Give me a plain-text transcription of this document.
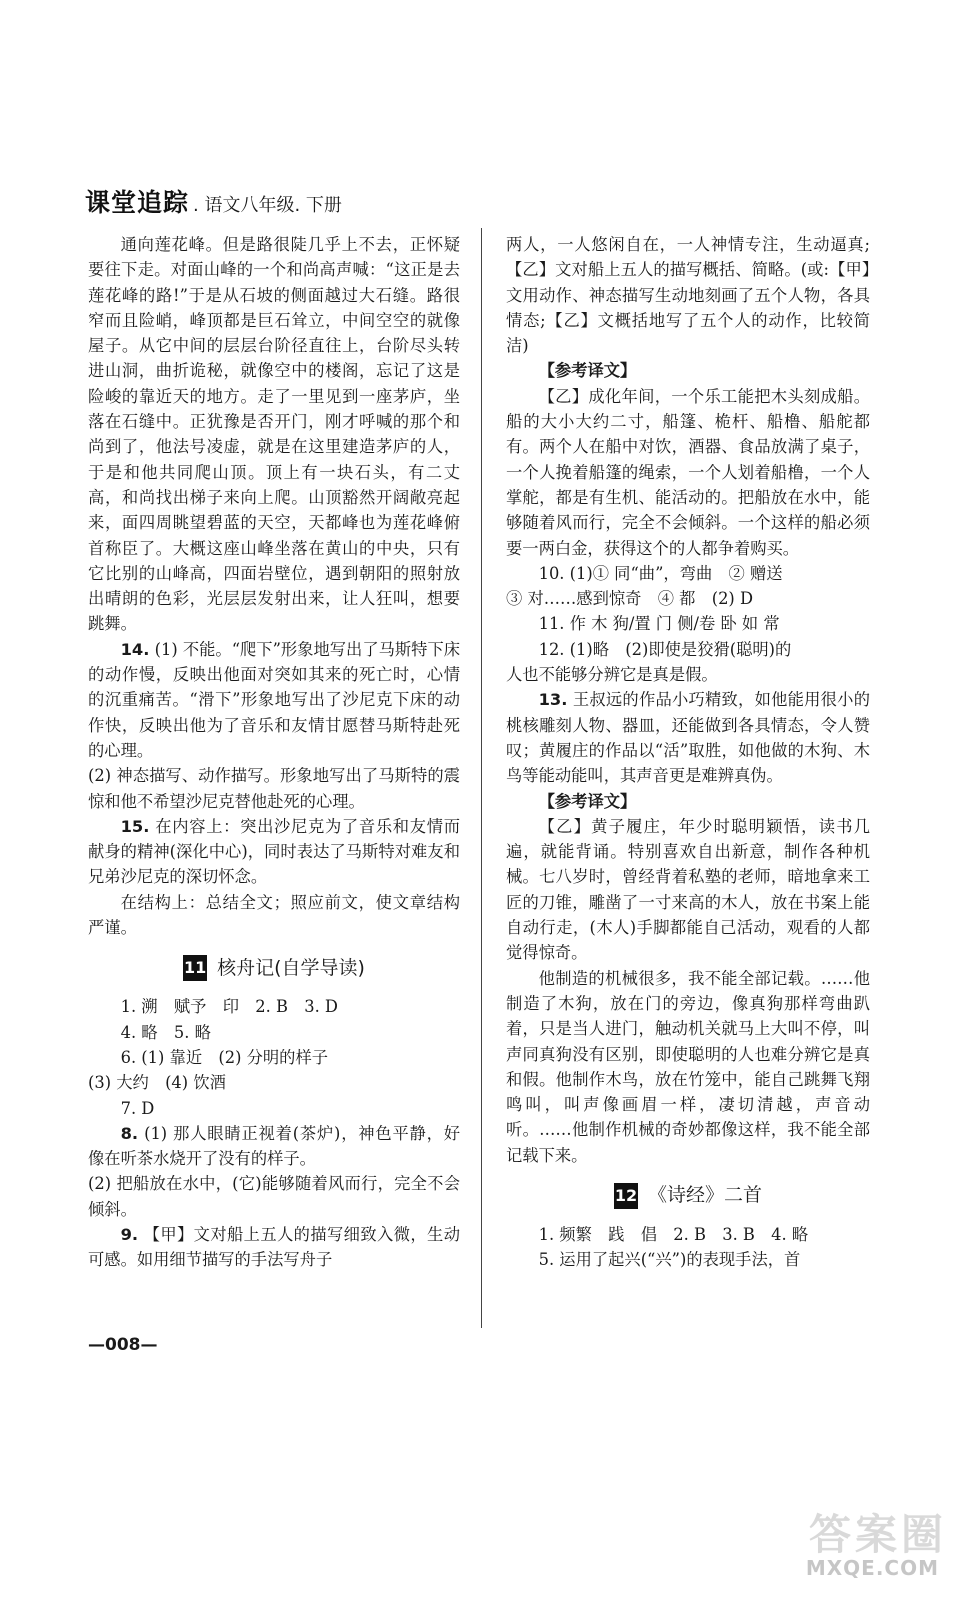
课堂追踪 . 语文八年级. 下册

通向莲花峰。但是路很陡几乎上不去，正怀疑要往下走。对面山峰的一个和尚高声喊：“这正是去莲花峰的路!”于是从石坡的侧面越过大石缝。路很窄而且险峭，峰顶都是巨石耸立，中间空空的就像屋子。从它中间的层层台阶径直往上，台阶尽头转进山洞，曲折诡秘，就像空中的楼阁，忘记了这是险峻的靠近天的地方。走了一里见到一座茅庐，坐落在石缝中。正犹豫是否开门，刚才呼喊的那个和尚到了，他法号凌虚，就是在这里建造茅庐的人，于是和他共同爬山顶。顶上有一块石头，有二丈高，和尚找出梯子来向上爬。山顶豁然开阔敞亮起来，面四周眺望碧蓝的天空，天都峰也为莲花峰俯首称臣了。大概这座山峰坐落在黄山的中央，只有它比别的山峰高，四面岩壁位，遇到朝阳的照射放出晴朗的色彩，光层层发射出来，让人狂叫，想要跳舞。

14. (1) 不能。“爬下”形象地写出了马斯特下床的动作慢，反映出他面对突如其来的死亡时，心情的沉重痛苦。“滑下”形象地写出了沙尼克下床的动作快，反映出他为了音乐和友情甘愿替马斯特赴死的心理。

(2) 神态描写、动作描写。形象地写出了马斯特的震惊和他不希望沙尼克替他赴死的心理。

15. 在内容上：突出沙尼克为了音乐和友情而献身的精神(深化中心)，同时表达了马斯特对难友和兄弟沙尼克的深切怀念。

在结构上：总结全文；照应前文，使文章结构严谨。

11 核舟记(自学导读)

1. 溯　赋予　印　2. B　3. D

4. 略　5. 略

6. (1) 靠近　(2) 分明的样子

(3) 大约　(4) 饮酒

7. D

8. (1) 那人眼睛正视着(茶炉)，神色平静，好像在听茶水烧开了没有的样子。

(2) 把船放在水中，(它)能够随着风而行，完全不会倾斜。

9. 【甲】文对船上五人的描写细致入微，生动可感。如用细节描写的手法写舟子

两人，一人悠闲自在，一人神情专注，生动逼真;【乙】文对船上五人的描写概括、简略。(或:【甲】文用动作、神态描写生动地刻画了五个人物，各具情态;【乙】文概括地写了五个人的动作，比较简洁)

【参考译文】

【乙】成化年间，一个乐工能把木头刻成船。船的大小大约二寸，船篷、桅杆、船橹、船舵都有。两个人在船中对饮，酒器、食品放满了桌子，一个人挽着船篷的绳索，一个人划着船橹，一个人掌舵，都是有生机、能活动的。把船放在水中，能够随着风而行，完全不会倾斜。一个这样的船必须要一两白金，获得这个的人都争着购买。

10. (1)① 同“曲”，弯曲　② 赠送

③ 对……感到惊奇　④ 都　(2) D

11. 作 木 狗/置 门 侧/卷 卧 如 常

12. (1)略　(2)即使是狡猾(聪明)的

人也不能够分辨它是真是假。

13. 王叔远的作品小巧精致，如他能用很小的桃核雕刻人物、器皿，还能做到各具情态，令人赞叹；黄履庄的作品以“活”取胜，如他做的木狗、木鸟等能动能叫，其声音更是难辨真伪。

【参考译文】

【乙】黄子履庄，年少时聪明颖悟，读书几遍，就能背诵。特别喜欢自出新意，制作各种机械。七八岁时，曾经背着私塾的老师，暗地拿来工匠的刀锥，雕凿了一寸来高的木人，放在书案上能自动行走，(木人)手脚都能自己活动，观看的人都觉得惊奇。

他制造的机械很多，我不能全部记载。……他制造了木狗，放在门的旁边，像真狗那样弯曲趴着，只是当人进门，触动机关就马上大叫不停，叫声同真狗没有区别，即使聪明的人也难分辨它是真和假。他制作木鸟，放在竹笼中，能自己跳舞飞翔鸣叫，叫声像画眉一样，凄切清越，声音动听。……他制作机械的奇妙都像这样，我不能全部记载下来。

12 《诗经》二首

1. 频繁　践　倡　2. B　3. B　4. 略

5. 运用了起兴(“兴”)的表现手法，首

—008—
答案圈
MXQE.COM
